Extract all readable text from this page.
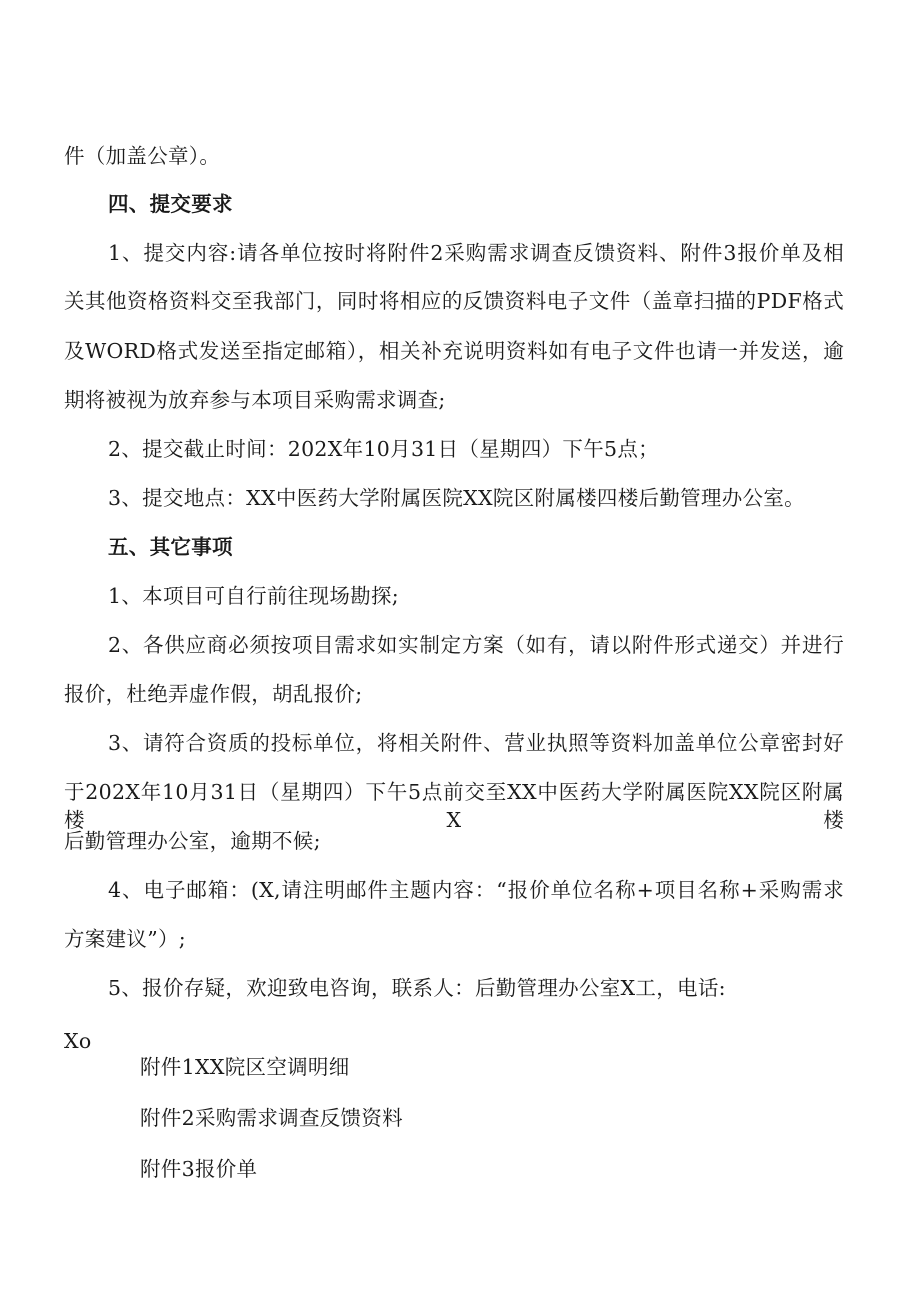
件（加盖公章）。
四、提交要求
1、提交内容:请各单位按时将附件2采购需求调查反馈资料、附件3报价单及相
关其他资格资料交至我部门，同时将相应的反馈资料电子文件（盖章扫描的PDF格式
及WORD格式发送至指定邮箱），相关补充说明资料如有电子文件也请一并发送，逾
期将被视为放弃参与本项目采购需求调查;
2、提交截止时间：202X年10月31日（星期四）下午5点；
3、提交地点：XX中医药大学附属医院XX院区附属楼四楼后勤管理办公室。
五、其它事项
1、本项目可自行前往现场勘探;
2、各供应商必须按项目需求如实制定方案（如有，请以附件形式递交）并进行
报价，杜绝弄虚作假，胡乱报价;
3、请符合资质的投标单位，将相关附件、营业执照等资料加盖单位公章密封好
于202X年10月31日（星期四）下午5点前交至XX中医药大学附属医院XX院区附属楼X楼
后勤管理办公室，逾期不候;
4、电子邮箱：(X,请注明邮件主题内容：“报价单位名称+项目名称+采购需求
方案建议”）;
5、报价存疑，欢迎致电咨询，联系人：后勤管理办公室X工，电话:
Xo
附件1XX院区空调明细
附件2采购需求调查反馈资料
附件3报价单
